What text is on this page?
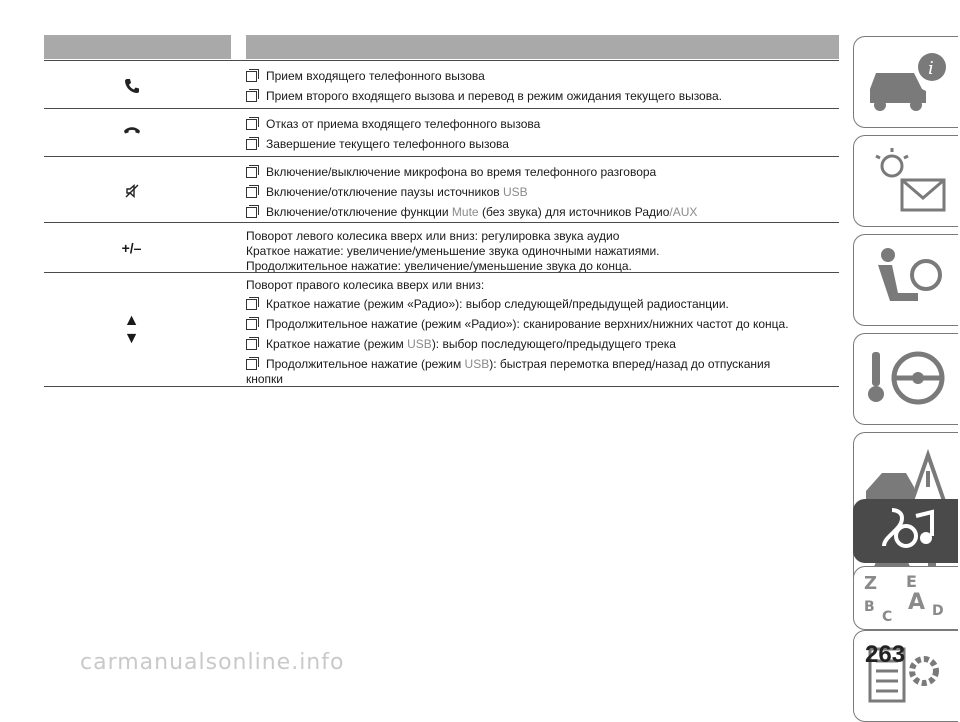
Прием входящего телефонного вызова
Прием второго входящего вызова и перевод в режим ожидания текущего вызова.
Отказ от приема входящего телефонного вызова
Завершение текущего телефонного вызова
Включение/выключение микрофона во время телефонного разговора
Включение/отключение паузы источников
USB
Включение/отключение функции
Mute
(без звука) для источников Радио /AUX
+/–
Поворот левого колесика вверх или вниз: регулировка звука аудио
Краткое нажатие: увеличение/уменьшение звука одиночными нажатиями.
Продолжительное нажатие: увеличение/уменьшение звука до конца.
▲
▼
Поворот правого колесика вверх или вниз:
Краткое нажатие (режим «Радио»): выбор следующей/предыдущей радиостанции.
Продолжительное нажатие (режим «Радио»): сканирование верхних/нижних частот до конца.
Краткое нажатие (режим
USB ): выбор последующего/предыдущего трека
Продолжительное нажатие (режим
USB ): быстрая перемотка вперед/назад до отпускания
кнопки
i
Z E
B A
C	D
263
carmanualsonline.info
